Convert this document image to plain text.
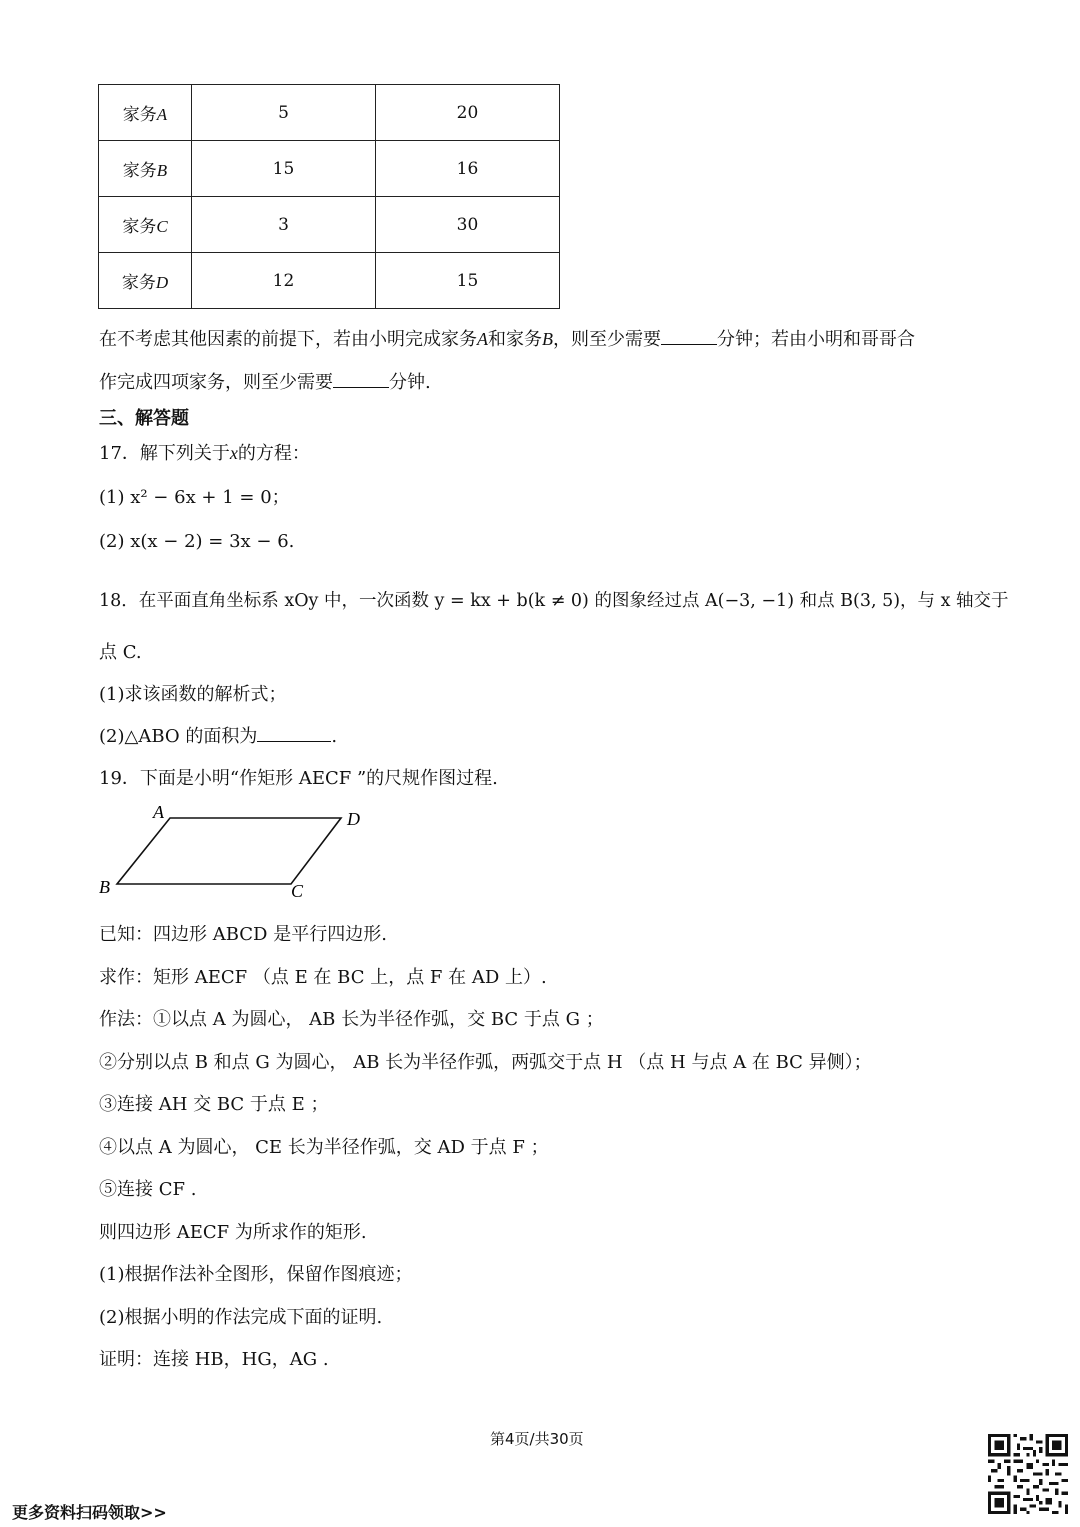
家务A	5	20
家务B	15	16
家务C	3	30
家务D	12	15
在不考虑其他因素的前提下，若由小明完成家务A和家务B，则至少需要	分钟；若由小明和哥哥合
作完成四项家务，则至少需要	分钟.
三、解答题
17．解下列关于x的方程：
(1) x² − 6x + 1 = 0；
(2) x(x − 2) = 3x − 6.
18．在平面直角坐标系 xOy 中，一次函数 y = kx + b(k ≠ 0) 的图象经过点 A(−3, −1) 和点 B(3, 5)，与 x 轴交于
点 C.
(1)求该函数的解析式；
(2)△ABO 的面积为	.
19．下面是小明“作矩形 AECF ”的尺规作图过程.
A	D
B	C
已知：四边形 ABCD 是平行四边形.
求作：矩形 AECF （点 E 在 BC 上，点 F 在 AD 上）.
作法：①以点 A 为圆心， AB 长为半径作弧，交 BC 于点 G ；
②分别以点 B 和点 G 为圆心， AB 长为半径作弧，两弧交于点 H （点 H 与点 A 在 BC 异侧）；
③连接 AH 交 BC 于点 E ；
④以点 A 为圆心， CE 长为半径作弧，交 AD 于点 F ；
⑤连接 CF .
则四边形 AECF 为所求作的矩形.
(1)根据作法补全图形，保留作图痕迹；
(2)根据小明的作法完成下面的证明.
证明：连接 HB，HG，AG .
第4页/共30页
更多资料扫码领取>>
